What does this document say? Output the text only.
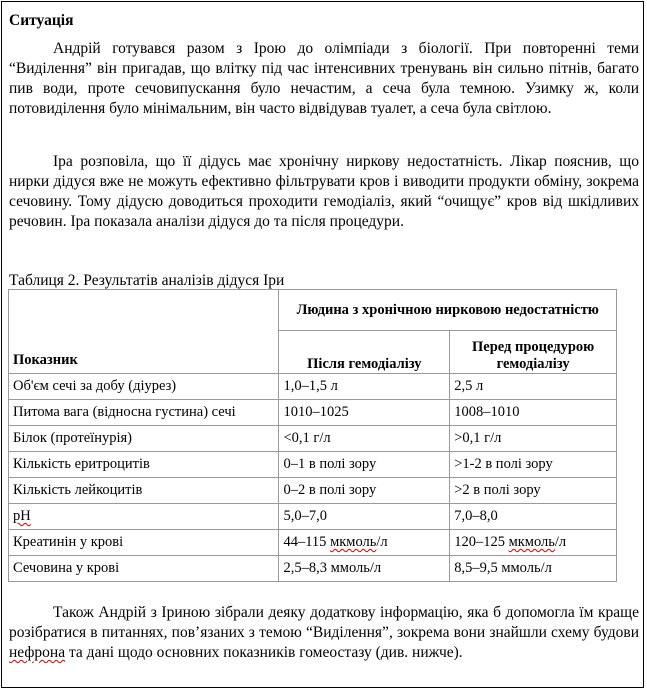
Ситуація

Андрій готувався разом з Ірою до олімпіади з біології. При повторенні теми “Виділення” він пригадав, що влітку під час інтенсивних тренувань він сильно пітнів, багато пив води, проте сечовипускання було нечастим, а сеча була темною. Узимку ж, коли потовиділення було мінімальним, він часто відвідував туалет, а сеча була світлою.

Іра розповіла, що її дідусь має хронічну ниркову недостатність. Лікар пояснив, що нирки дідуся вже не можуть ефективно фільтрувати кров і виводити продукти обміну, зокрема сечовину. Тому дідусю доводиться проходити гемодіаліз, який “очищує” кров від шкідливих речовин. Іра показала аналізи дідуся до та після процедури.

Таблиця 2. Результатів аналізів дідуся Іри
Показник	Людина з хронічною нирковою недостатністю	
	Після гемодіалізу	Перед процедурою гемодіалізу
Об'єм сечі за добу (діурез)	1,0–1,5 л	2,5 л
Питома вага (відносна густина) сечі	1010–1025	1008–1010
Білок (протеїнурія)	<0,1 г/л	>0,1 г/л
Кількість еритроцитів	0–1 в полі зору	>1-2 в полі зору
Кількість лейкоцитів	0–2 в полі зору	>2 в полі зору
pH	5,0–7,0	7,0–8,0
Креатинін у крові	44–115 мкмоль/л	120–125 мкмоль/л
Сечовина у крові	2,5–8,3 ммоль/л	8,5–9,5 ммоль/л

Також Андрій з Іриною зібрали деяку додаткову інформацію, яка б допомогла їм краще розібратися в питаннях, пов’язаних з темою “Виділення”, зокрема вони знайшли схему будови нефрона та дані щодо основних показників гомеостазу (див. нижче).
